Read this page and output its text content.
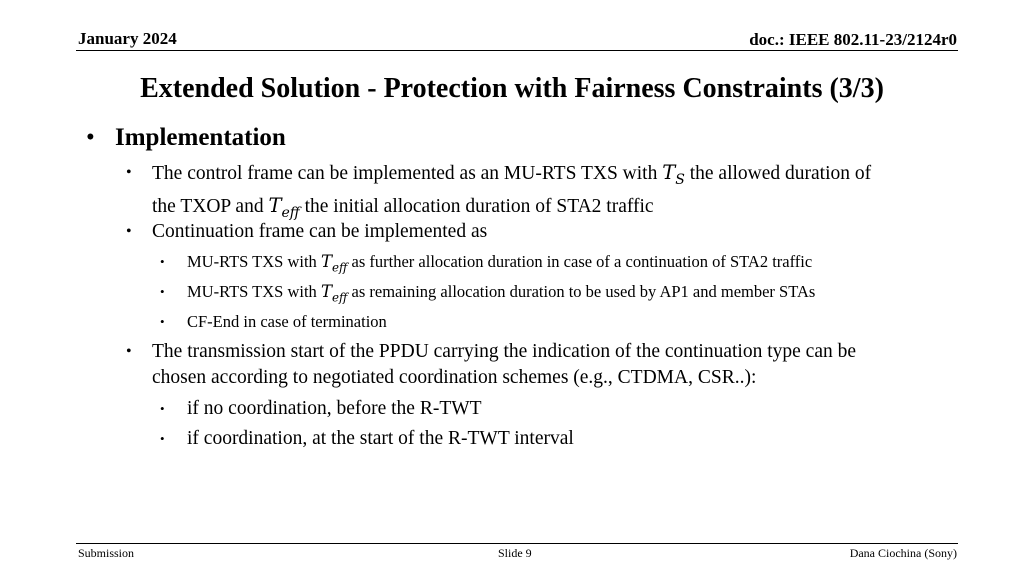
January 2024	doc.: IEEE 802.11-23/2124r0
Extended Solution - Protection with Fairness Constraints (3/3)
• Implementation
• The control frame can be implemented as an MU-RTS TXS with $T_S$ the allowed duration of
the TXOP and $T_{eff}$ the initial allocation duration of STA2 traffic
• Continuation frame can be implemented as
• MU-RTS TXS with $T_{eff}$ as further allocation duration in case of a continuation of STA2 traffic
• MU-RTS TXS with $T_{eff}$ as remaining allocation duration to be used by AP1 and member STAs
• CF-End in case of termination
• The transmission start of the PPDU carrying the indication of the continuation type can be
chosen according to negotiated coordination schemes (e.g., CTDMA, CSR..):
• if no coordination, before the R-TWT
• if coordination, at the start of the R-TWT interval
Submission	Slide 9	Dana Ciochina (Sony)
